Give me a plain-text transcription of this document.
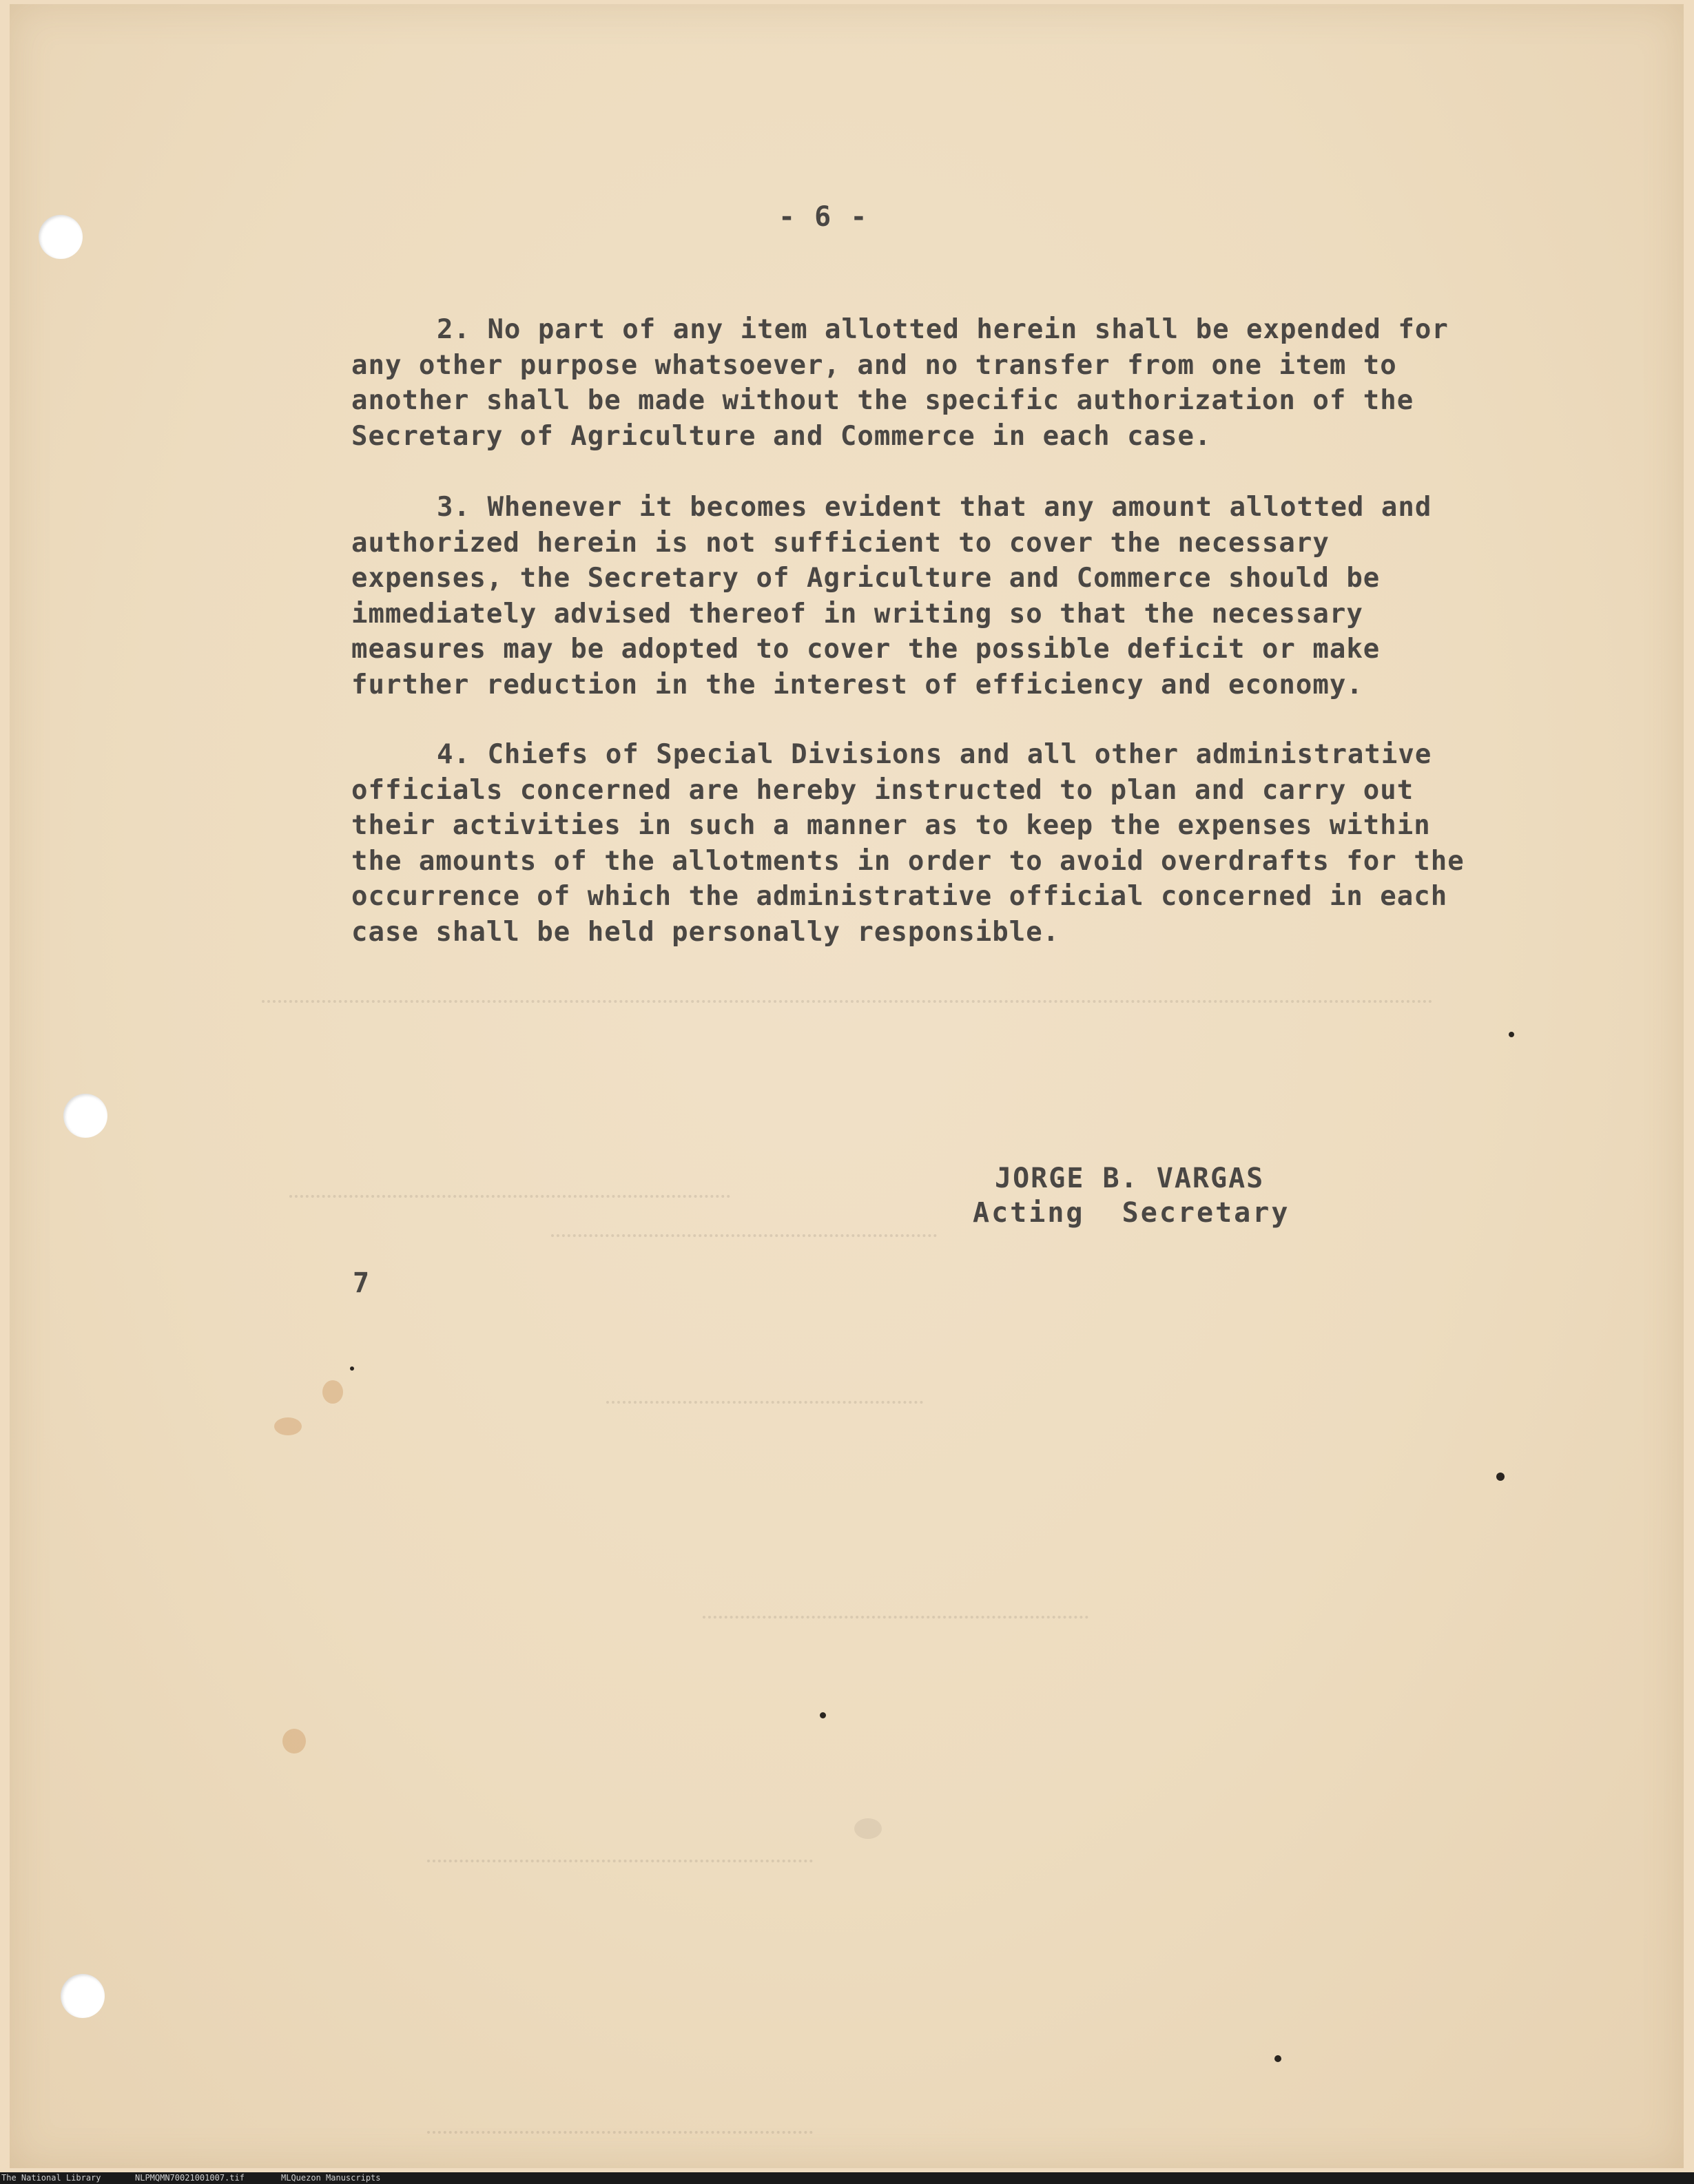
- 6 -

2. No part of any item allotted herein shall be expended for any other purpose whatsoever, and no transfer from one item to another shall be made without the specific authorization of the Secretary of Agriculture and Commerce in each case.

3. Whenever it becomes evident that any amount allotted and authorized herein is not sufficient to cover the necessary expenses, the Secretary of Agriculture and Commerce should be immediately advised thereof in writing so that the necessary measures may be adopted to cover the possible deficit or make further reduction in the interest of efficiency and economy.

4. Chiefs of Special Divisions and all other administrative officials concerned are hereby instructed to plan and carry out their activities in such a manner as to keep the expenses within the amounts of the allotments in order to avoid overdrafts for the occurrence of which the administrative official concerned in each case shall be held personally responsible.

JORGE B. VARGAS
Acting  Secretary
7
The National Library	NLPMQMN70021001007.tif	MLQuezon Manuscripts
